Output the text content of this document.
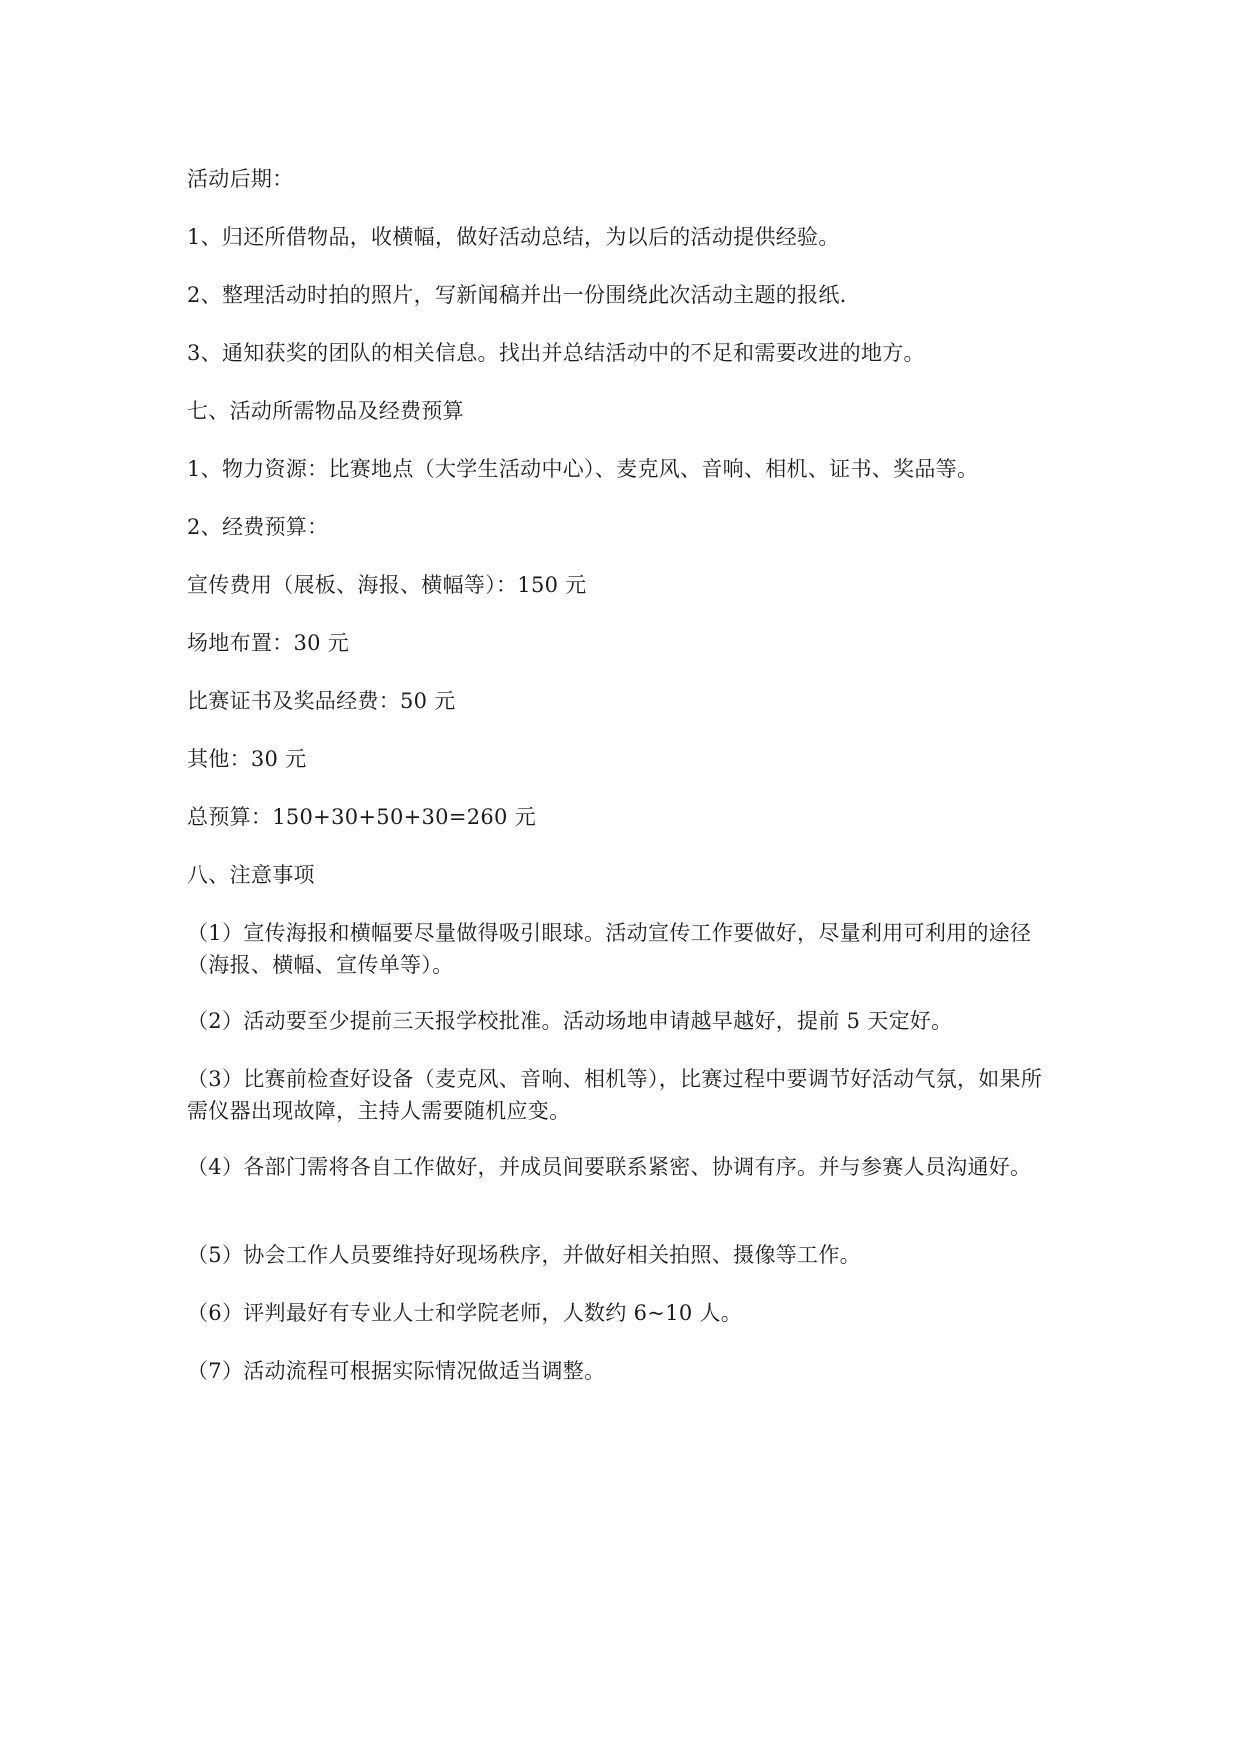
活动后期：

1、归还所借物品，收横幅，做好活动总结，为以后的活动提供经验。

2、整理活动时拍的照片，写新闻稿并出一份围绕此次活动主题的报纸.

3、通知获奖的团队的相关信息。找出并总结活动中的不足和需要改进的地方。

七、活动所需物品及经费预算

1、物力资源：比赛地点（大学生活动中心）、麦克风、音响、相机、证书、奖品等。

2、经费预算：

宣传费用（展板、海报、横幅等）：150 元

场地布置：30 元

比赛证书及奖品经费：50 元

其他：30 元

总预算：150+30+50+30=260 元

八、注意事项

（1）宣传海报和横幅要尽量做得吸引眼球。活动宣传工作要做好，尽量利用可利用的途径（海报、横幅、宣传单等）。

（2）活动要至少提前三天报学校批准。活动场地申请越早越好，提前 5 天定好。

（3）比赛前检查好设备（麦克风、音响、相机等），比赛过程中要调节好活动气氛，如果所需仪器出现故障，主持人需要随机应变。

（4）各部门需将各自工作做好，并成员间要联系紧密、协调有序。并与参赛人员沟通好。

（5）协会工作人员要维持好现场秩序，并做好相关拍照、摄像等工作。

（6）评判最好有专业人士和学院老师，人数约 6~10 人。

（7）活动流程可根据实际情况做适当调整。
